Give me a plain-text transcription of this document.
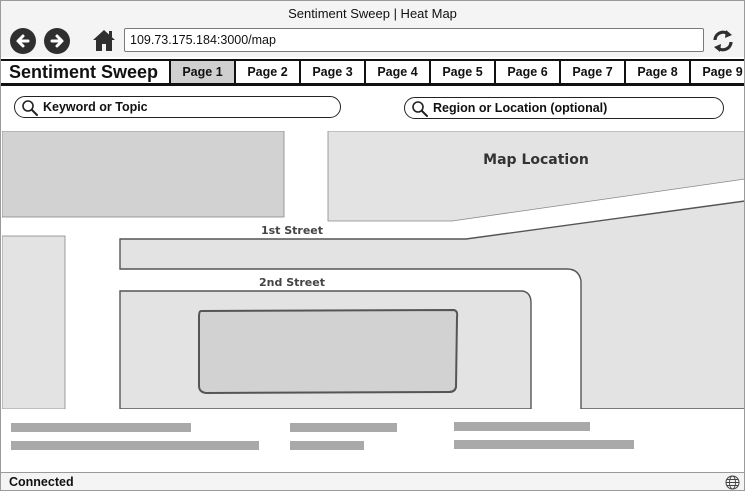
Sentiment Sweep | Heat Map
109.73.175.184:3000/map
Sentiment Sweep	Page 1	Page 2	Page 3	Page 4	Page 5	Page 6	Page 7	Page 8	Page 9
Keyword or Topic	Region or Location (optional)
Map Location
1st Street
2nd Street
Connected
